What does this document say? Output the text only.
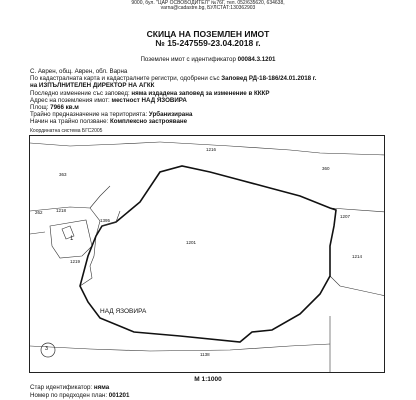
9000, бул. "ЦАР ОСВОБОДИТЕЛ" №76Г, тел. 052/635620, 634638,
varna@cadastre.bg, БУЛСТАТ:130362903
СКИЦА НА ПОЗЕМЛЕН ИМОТ
№ 15-247559-23.04.2018 г.
Поземлен имот с идентификатор 00084.3.1201
С. Аврен, общ. Аврен, обл. Варна
По кадастралната карта и кадастралните регистри, одобрени със Заповед РД-18-186/24.01.2018 г.
на ИЗПЪЛНИТЕЛЕН ДИРЕКТОР НА АГКК
Последно изменение със заповед: няма издадена заповед за изменение в КККР
Адрес на поземления имот: местност НАД ЯЗОВИРА
Площ: 7966 кв.м
Трайно предназначение на територията: Урбанизирана
Начин на трайно ползване: Комплексно застрояване
Координатна система БГС2005
1216
363
360
262	1218
1219
1
1395
1201
1207
1214
1138
НАД ЯЗОВИРА
3
М 1:1000
Стар идентификатор: няма
Номер по предходен план: 001201
